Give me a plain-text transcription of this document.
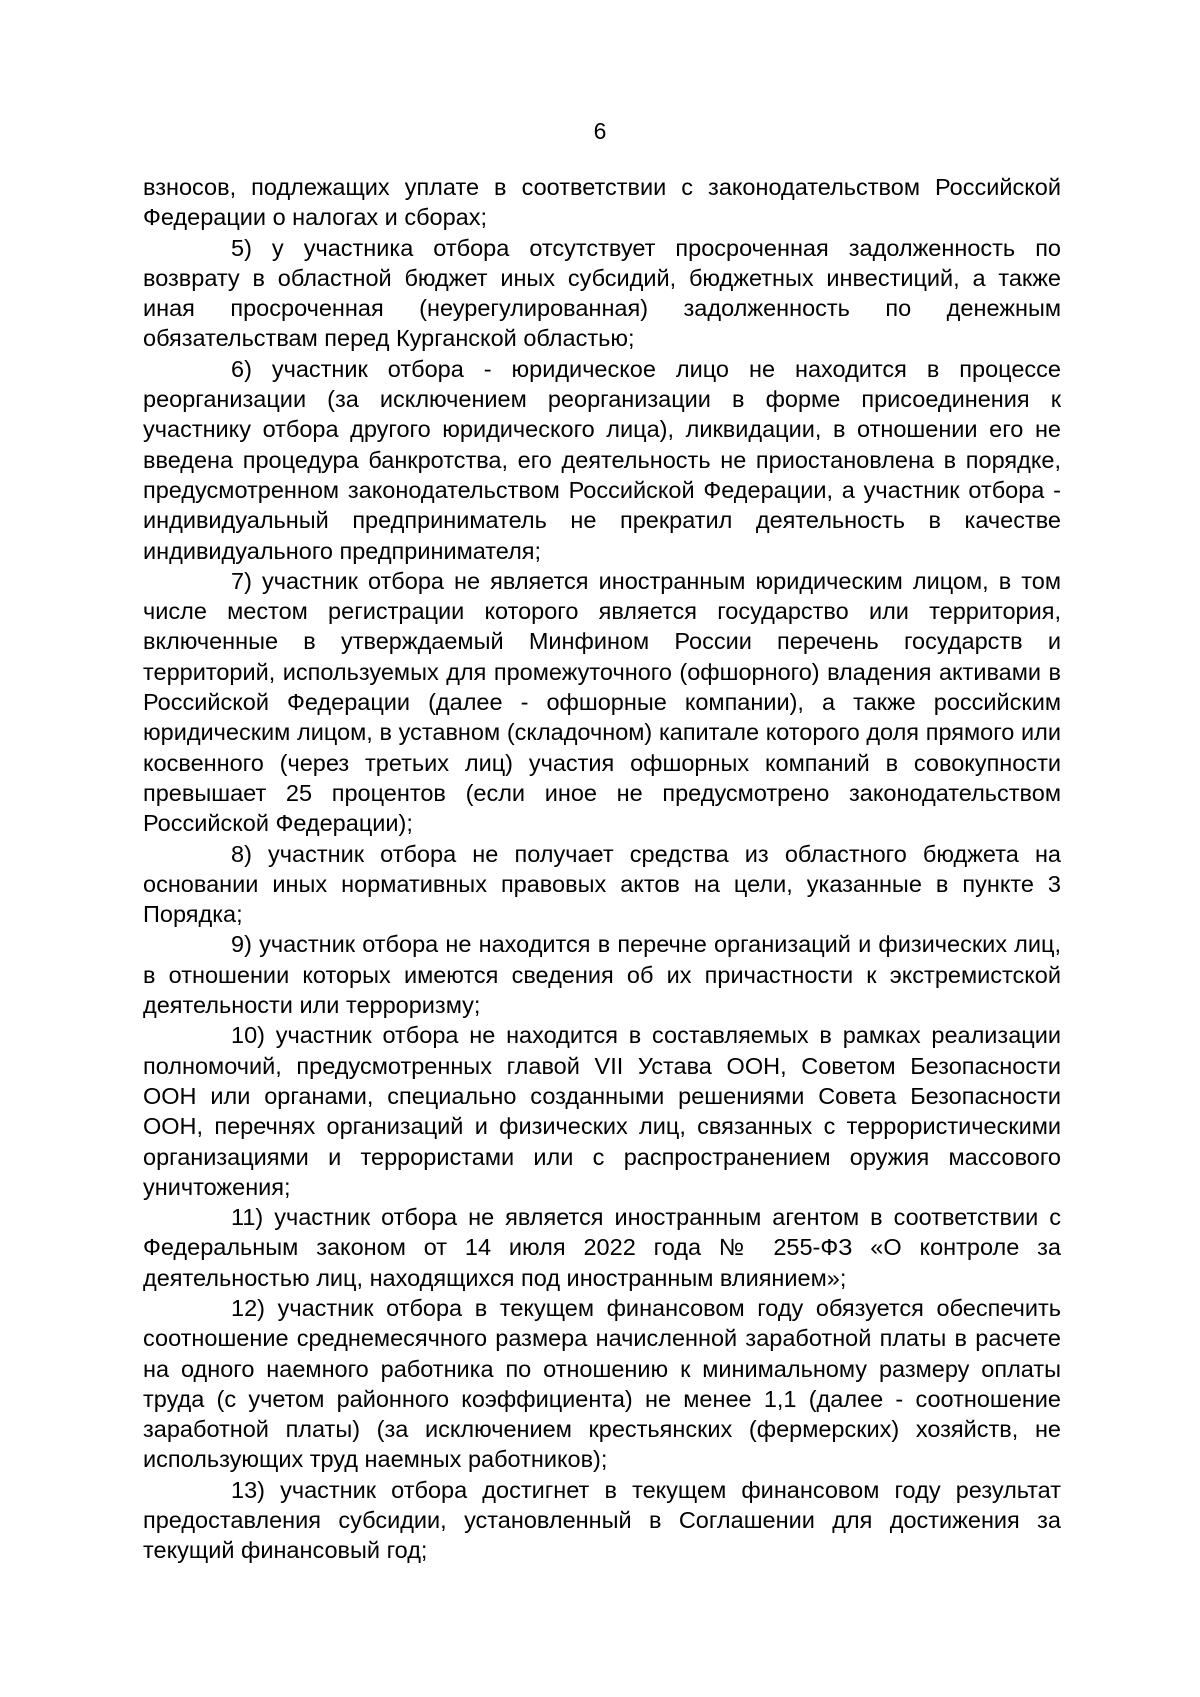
6

взносов, подлежащих уплате в соответствии с законодательством Российской Федерации о налогах и сборах;

5) у участника отбора отсутствует просроченная задолженность по возврату в областной бюджет иных субсидий, бюджетных инвестиций, а также иная просроченная (неурегулированная) задолженность по денежным обязательствам перед Курганской областью;

6) участник отбора - юридическое лицо не находится в процессе реорганизации (за исключением реорганизации в форме присоединения к участнику отбора другого юридического лица), ликвидации, в отношении его не введена процедура банкротства, его деятельность не приостановлена в порядке, предусмотренном законодательством Российской Федерации, а участник отбора - индивидуальный предприниматель не прекратил деятельность в качестве индивидуального предпринимателя;

7) участник отбора не является иностранным юридическим лицом, в том числе местом регистрации которого является государство или территория, включенные в утверждаемый Минфином России перечень государств и территорий, используемых для промежуточного (офшорного) владения активами в Российской Федерации (далее - офшорные компании), а также российским юридическим лицом, в уставном (складочном) капитале которого доля прямого или косвенного (через третьих лиц) участия офшорных компаний в совокупности превышает 25 процентов (если иное не предусмотрено законодательством Российской Федерации);

8) участник отбора не получает средства из областного бюджета на основании иных нормативных правовых актов на цели, указанные в пункте 3 Порядка;

9) участник отбора не находится в перечне организаций и физических лиц, в отношении которых имеются сведения об их причастности к экстремистской деятельности или терроризму;

10) участник отбора не находится в составляемых в рамках реализации полномочий, предусмотренных главой VII Устава ООН, Советом Безопасности ООН или органами, специально созданными решениями Совета Безопасности ООН, перечнях организаций и физических лиц, связанных с террористическими организациями и террористами или с распространением оружия массового уничтожения;

11) участник отбора не является иностранным агентом в соответствии с Федеральным законом от 14 июля 2022 года № 255-ФЗ «О контроле за деятельностью лиц, находящихся под иностранным влиянием»;

12) участник отбора в текущем финансовом году обязуется обеспечить соотношение среднемесячного размера начисленной заработной платы в расчете на одного наемного работника по отношению к минимальному размеру оплаты труда (с учетом районного коэффициента) не менее 1,1 (далее - соотношение заработной платы) (за исключением крестьянских (фермерских) хозяйств, не использующих труд наемных работников);

13) участник отбора достигнет в текущем финансовом году результат предоставления субсидии, установленный в Соглашении для достижения за текущий финансовый год;
